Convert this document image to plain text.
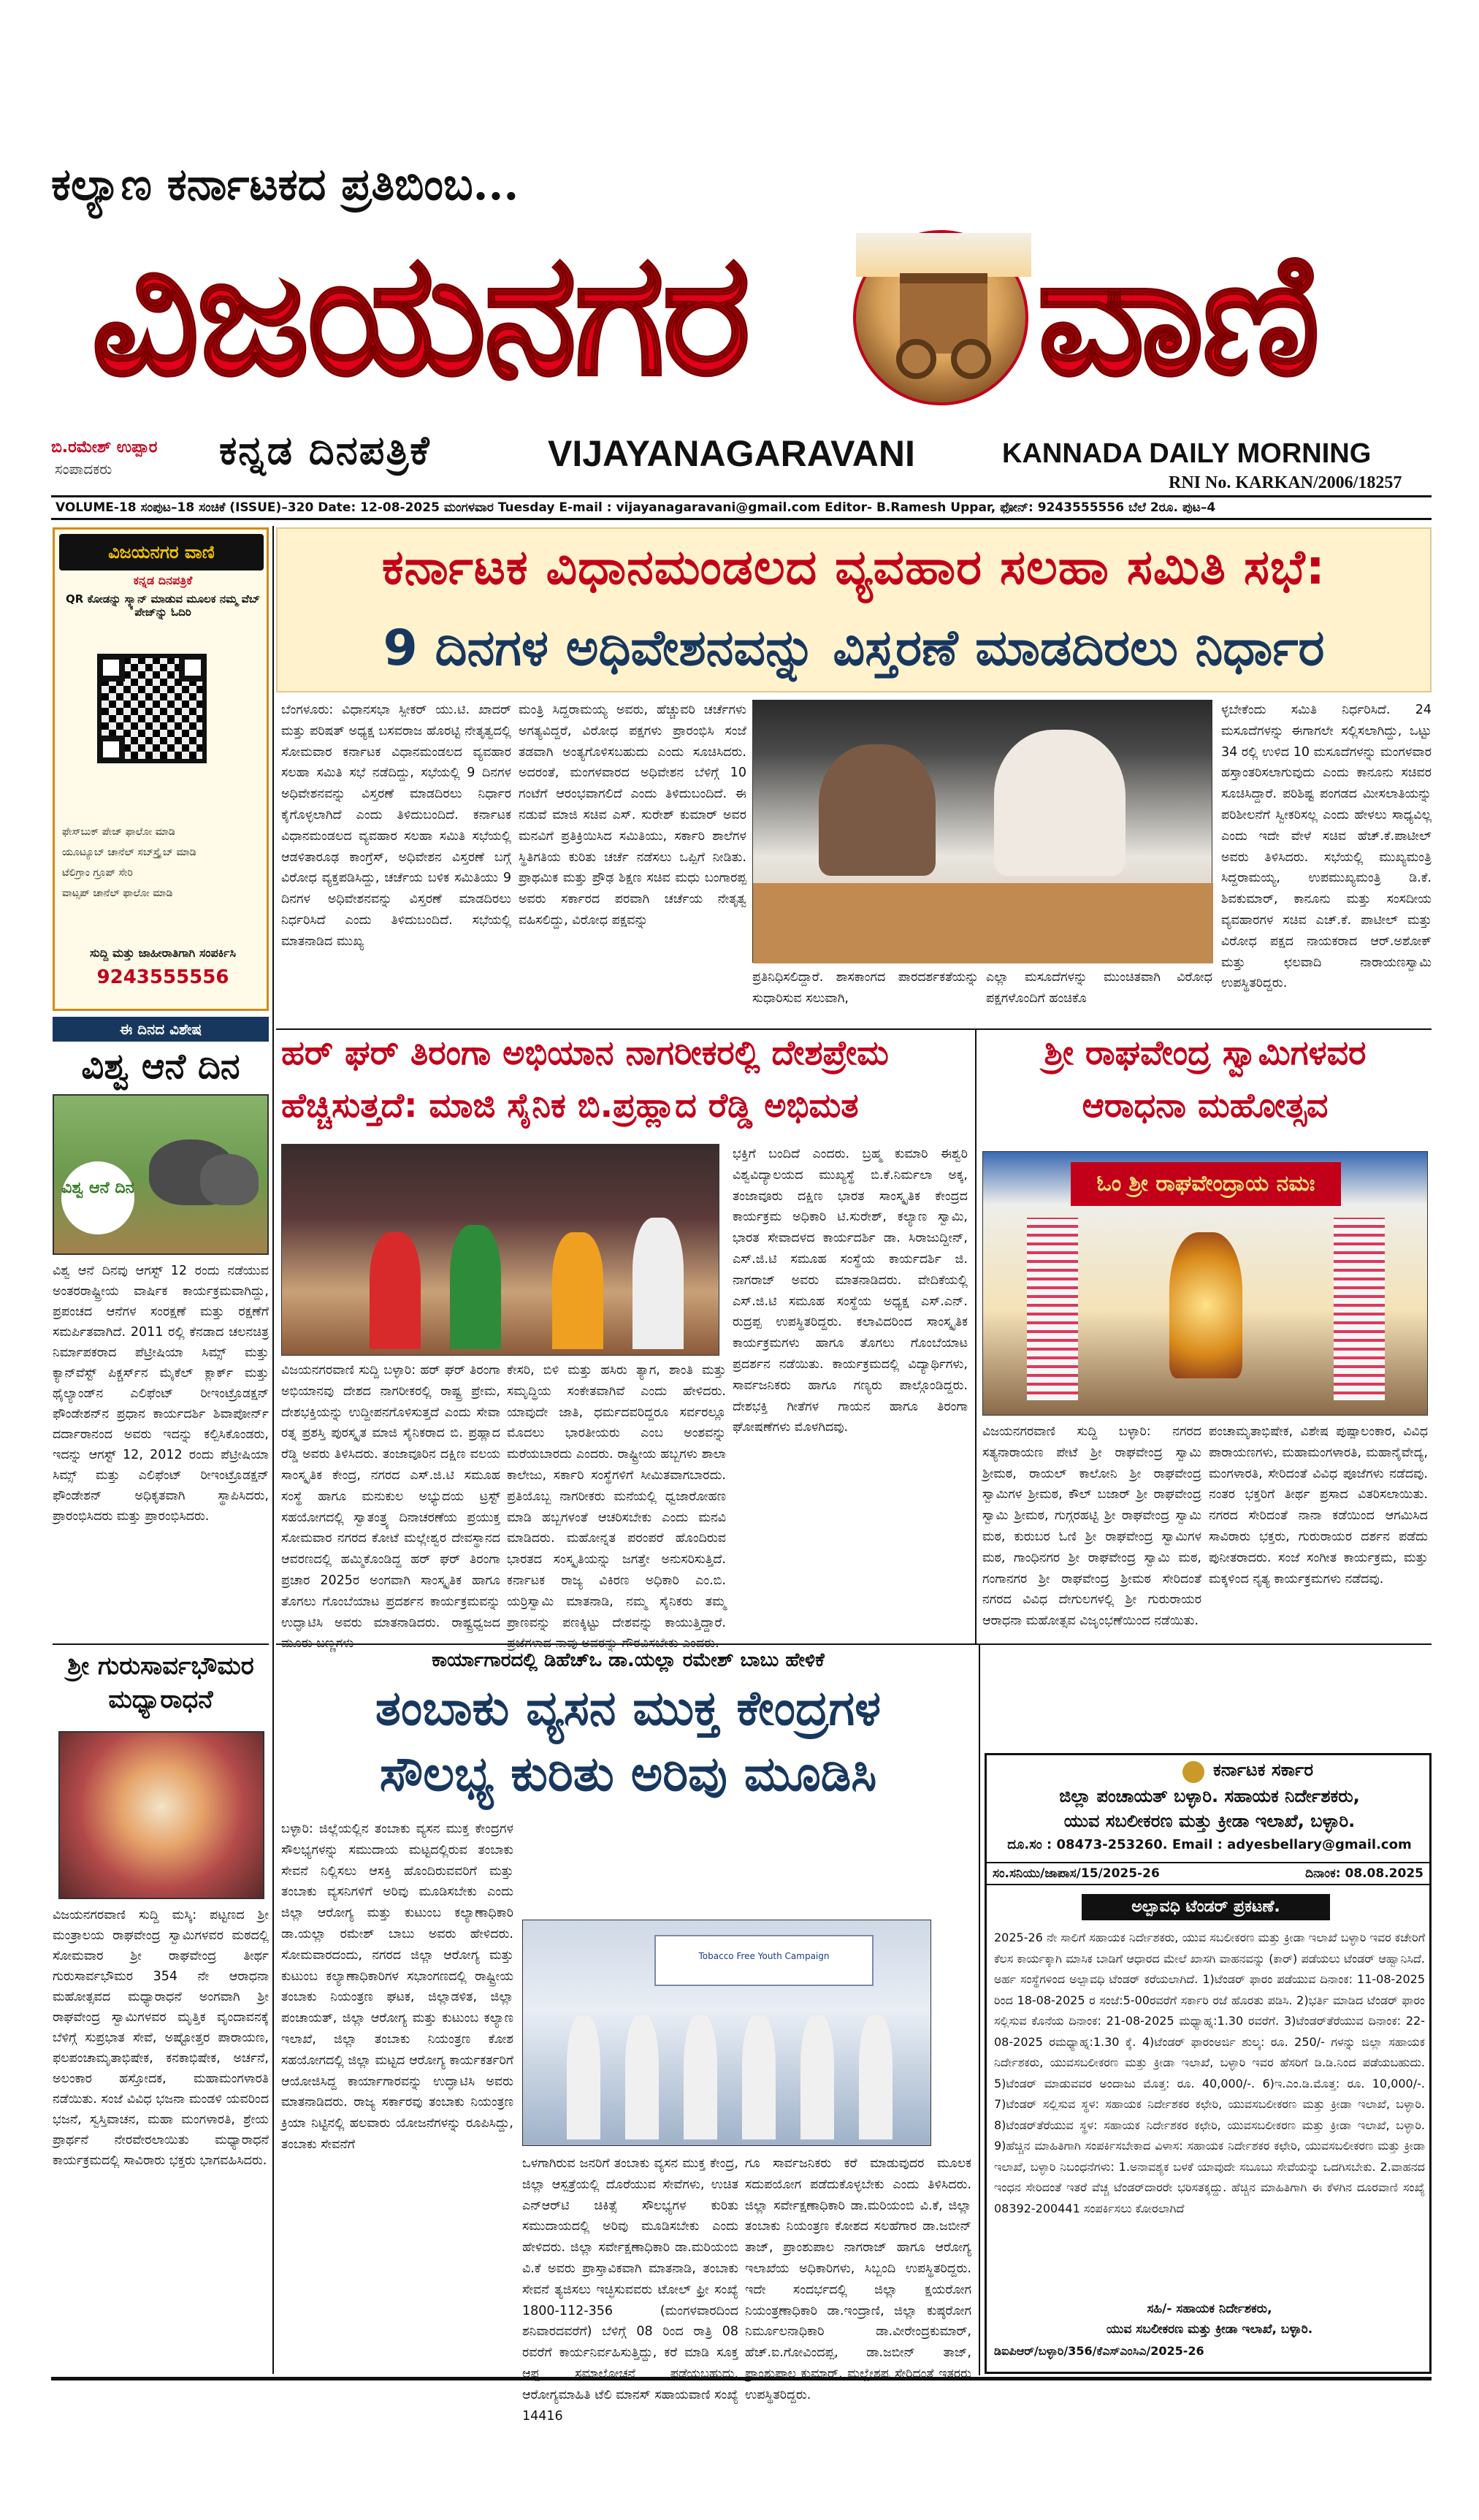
ಕಲ್ಯಾಣ ಕರ್ನಾಟಕದ ಪ್ರತಿಬಿಂಬ...
ವಿಜಯನಗರ ವಾಣಿ
ಬಿ.ರಮೇಶ್ ಉಪ್ಪಾರ
ಸಂಪಾದಕರು	ಕನ್ನಡ ದಿನಪತ್ರಿಕೆ	VIJAYANAGARAVANI	KANNADA DAILY MORNING
RNI No. KARKAN/2006/18257
VOLUME-18 ಸಂಪುಟ–18 ಸಂಚಿಕೆ (ISSUE)–320 Date: 12-08-2025 ಮಂಗಳವಾರ Tuesday E-mail : vijayanagaravani@gmail.com Editor- B.Ramesh Uppar, ಫೋನ್: 9243555556 ಬೆಲೆ 2ರೂ. ಪುಟ–4
ವಿಜಯನಗರ ವಾಣಿ
ಕನ್ನಡ ದಿನಪತ್ರಿಕೆ
QR ಕೋಡನ್ನು ಸ್ಕ್ಯಾನ್ ಮಾಡುವ ಮೂಲಕ ನಮ್ಮ ವೆಬ್ ಪೇಜ್‌ನ್ನು ಓದಿರಿ
ಫೇಸ್‌ಬುಕ್ ಪೇಜ್ ಫಾಲೋ ಮಾಡಿ
ಯೂಟ್ಯೂಬ್ ಚಾನೆಲ್ ಸಬ್‌ಸ್ಕ್ರೈಬ್ ಮಾಡಿ
ಟೆಲಿಗ್ರಾಂ ಗ್ರೂಪ್ ಸೇರಿ
ವಾಟ್ಸಪ್ ಚಾನೆಲ್ ಫಾಲೋ ಮಾಡಿ
ಸುದ್ದಿ ಮತ್ತು ಜಾಹೀರಾತಿಗಾಗಿ ಸಂಪರ್ಕಿಸಿ
9243555556
ಈ ದಿನದ ವಿಶೇಷ
ವಿಶ್ವ ಆನೆ ದಿನ
ವಿಶ್ವ ಆನೆ ದಿನ
ವಿಶ್ವ ಆನೆ ದಿನವು ಆಗಸ್ಟ್ 12 ರಂದು ನಡೆಯುವ ಅಂತರರಾಷ್ಟ್ರೀಯ ವಾರ್ಷಿಕ ಕಾರ್ಯಕ್ರಮವಾಗಿದ್ದು, ಪ್ರಪಂಚದ ಆನೆಗಳ ಸಂರಕ್ಷಣೆ ಮತ್ತು ರಕ್ಷಣೆಗೆ ಸಮರ್ಪಿತವಾಗಿದೆ. 2011 ರಲ್ಲಿ ಕೆನಡಾದ ಚಲನಚಿತ್ರ ನಿರ್ಮಾಪಕರಾದ ಪೆಟ್ರೀಷಿಯಾ ಸಿಮ್ಸ್ ಮತ್ತು ಕ್ಯಾನ್‌ವೆಸ್ಟ್ ಪಿಕ್ಚರ್ಸ್‌ನ ಮೈಕೆಲ್ ಕ್ಲಾರ್ಕ್ ಮತ್ತು ಥೈಲ್ಯಾಂಡ್‌ನ ಎಲಿಫೆಂಟ್ ರೀಇಂಟ್ರೊಡಕ್ಷನ್ ಫೌಂಡೇಶನ್‌ನ ಪ್ರಧಾನ ಕಾರ್ಯದರ್ಶಿ ಶಿವಾಪೋರ್ನ್ ದರ್ದಾರಾನಂದ ಅವರು ಇದನ್ನು ಕಲ್ಪಿಸಿಕೊಂಡರು, ಇದನ್ನು ಆಗಸ್ಟ್ 12, 2012 ರಂದು ಪೆಟ್ರೀಷಿಯಾ ಸಿಮ್ಸ್ ಮತ್ತು ಎಲಿಫೆಂಟ್ ರೀಇಂಟ್ರೊಡಕ್ಷನ್ ಫೌಂಡೇಶನ್ ಅಧಿಕೃತವಾಗಿ ಸ್ಥಾಪಿಸಿದರು, ಪ್ರಾರಂಭಿಸಿದರು ಮತ್ತು ಪ್ರಾರಂಭಿಸಿದರು.
ಶ್ರೀ ಗುರುಸಾರ್ವಭೌಮರ ಮಧ್ಯಾರಾಧನೆ
ವಿಜಯನಗರವಾಣಿ ಸುದ್ದಿ ಮಸ್ಕಿ: ಪಟ್ಟಣದ ಶ್ರೀ ಮಂತ್ರಾಲಯ ರಾಘವೇಂದ್ರ ಸ್ವಾಮಿಗಳವರ ಮಠದಲ್ಲಿ ಸೋಮವಾರ ಶ್ರೀ ರಾಘವೇಂದ್ರ ತೀರ್ಥ ಗುರುಸಾರ್ವಭೌಮರ 354 ನೇ ಆರಾಧನಾ ಮಹೋತ್ಸವದ ಮಧ್ಯಾರಾಧನೆ ಅಂಗವಾಗಿ ಶ್ರೀ ರಾಘವೇಂದ್ರ ಸ್ವಾಮಿಗಳವರ ಮೃತ್ತಿಕ ವೃಂದಾವನಕ್ಕೆ ಬೆಳಿಗ್ಗೆ ಸುಪ್ರಭಾತ ಸೇವೆ, ಅಷ್ಟೋತ್ತರ ಪಾರಾಯಣ, ಫಲಪಂಚಾಮೃತಾಭಿಷೇಕ, ಕನಕಾಭಿಷೇಕ, ಅರ್ಚನೆ, ಅಲಂಕಾರ ಹಸ್ತೋದಕ, ಮಹಾಮಂಗಳಾರತಿ ನಡೆಯಿತು. ಸಂಜೆ ವಿವಿಧ ಭಜನಾ ಮಂಡಳಿ ಯವರಿಂದ ಭಜನೆ, ಸ್ವಸ್ತಿವಾಚನ, ಮಹಾ ಮಂಗಳಾರತಿ, ಶ್ರೇಯ ಪ್ರಾರ್ಥನೆ ನೇರವೇರಲಾಯಿತು ಮಧ್ಯಾರಾಧನೆ ಕಾರ್ಯಕ್ರಮದಲ್ಲಿ ಸಾವಿರಾರು ಭಕ್ತರು ಭಾಗವಹಿಸಿದರು.
ಕರ್ನಾಟಕ ವಿಧಾನಮಂಡಲದ ವ್ಯವಹಾರ ಸಲಹಾ ಸಮಿತಿ ಸಭೆ:
9 ದಿನಗಳ ಅಧಿವೇಶನವನ್ನು ವಿಸ್ತರಣೆ ಮಾಡದಿರಲು ನಿರ್ಧಾರ
ಬೆಂಗಳೂರು: ವಿಧಾನಸಭಾ ಸ್ಪೀಕರ್ ಯು.ಟಿ. ಖಾದರ್ ಮತ್ತು ಪರಿಷತ್ ಅಧ್ಯಕ್ಷ ಬಸವರಾಜ ಹೊರಟ್ಟಿ ನೇತೃತ್ವದಲ್ಲಿ ಸೋಮವಾರ ಕರ್ನಾಟಕ ವಿಧಾನಮಂಡಲದ ವ್ಯವಹಾರ ಸಲಹಾ ಸಮಿತಿ ಸಭೆ ನಡೆದಿದ್ದು, ಸಭೆಯಲ್ಲಿ 9 ದಿನಗಳ ಅಧಿವೇಶನವನ್ನು ವಿಸ್ತರಣೆ ಮಾಡದಿರಲು ನಿರ್ಧಾರ ಕೈಗೊಳ್ಳಲಾಗಿದೆ ಎಂದು ತಿಳಿದುಬಂದಿದೆ. ಕರ್ನಾಟಕ ವಿಧಾನಮಂಡಲದ ವ್ಯವಹಾರ ಸಲಹಾ ಸಮಿತಿ ಸಭೆಯಲ್ಲಿ ಆಡಳಿತಾರೂಢ ಕಾಂಗ್ರೆಸ್, ಅಧಿವೇಶನ ವಿಸ್ತರಣೆ ಬಗ್ಗೆ ವಿರೋಧ ವ್ಯಕ್ತಪಡಿಸಿದ್ದು, ಚರ್ಚೆಯ ಬಳಿಕ ಸಮಿತಿಯು 9 ದಿನಗಳ ಅಧಿವೇಶನವನ್ನು ವಿಸ್ತರಣೆ ಮಾಡದಿರಲು ನಿರ್ಧರಿಸಿದೆ ಎಂದು ತಿಳಿದುಬಂದಿದೆ. ಸಭೆಯಲ್ಲಿ ಮಾತನಾಡಿದ ಮುಖ್ಯ
ಮಂತ್ರಿ ಸಿದ್ದರಾಮಯ್ಯ ಅವರು, ಹೆಚ್ಚುವರಿ ಚರ್ಚೆಗಳು ಅಗತ್ಯವಿದ್ದರೆ, ವಿರೋಧ ಪಕ್ಷಗಳು ಪ್ರಾರಂಭಿಸಿ ಸಂಜೆ ತಡವಾಗಿ ಅಂತ್ಯಗೊಳಿಸಬಹುದು ಎಂದು ಸೂಚಿಸಿದರು. ಅದರಂತೆ, ಮಂಗಳವಾರದ ಅಧಿವೇಶನ ಬೆಳಿಗ್ಗೆ 10 ಗಂಟೆಗೆ ಆರಂಭವಾಗಲಿದೆ ಎಂದು ತಿಳಿದುಬಂದಿದೆ. ಈ ನಡುವೆ ಮಾಜಿ ಸಚಿವ ಎಸ್. ಸುರೇಶ್ ಕುಮಾರ್ ಅವರ ಮನವಿಗೆ ಪ್ರತಿಕ್ರಿಯಿಸಿದ ಸಮಿತಿಯು, ಸರ್ಕಾರಿ ಶಾಲೆಗಳ ಸ್ಥಿತಿಗತಿಯ ಕುರಿತು ಚರ್ಚೆ ನಡೆಸಲು ಒಪ್ಪಿಗೆ ನೀಡಿತು. ಪ್ರಾಥಮಿಕ ಮತ್ತು ಪ್ರೌಢ ಶಿಕ್ಷಣ ಸಚಿವ ಮಧು ಬಂಗಾರಪ್ಪ ಅವರು ಸರ್ಕಾರದ ಪರವಾಗಿ ಚರ್ಚೆಯ ನೇತೃತ್ವ ವಹಿಸಲಿದ್ದು, ವಿರೋಧ ಪಕ್ಷವನ್ನು
ಪ್ರತಿನಿಧಿಸಲಿದ್ದಾರೆ. ಶಾಸಕಾಂಗದ ಪಾರದರ್ಶಕತೆಯನ್ನು ಸುಧಾರಿಸುವ ಸಲುವಾಗಿ,
ಎಲ್ಲಾ ಮಸೂದೆಗಳನ್ನು ಮುಂಚಿತವಾಗಿ ವಿರೋಧ ಪಕ್ಷಗಳೊಂದಿಗೆ ಹಂಚಿಕೊ
ಳ್ಳಬೇಕೆಂದು ಸಮಿತಿ ನಿರ್ಧರಿಸಿದೆ. 24 ಮಸೂದೆಗಳನ್ನು ಈಗಾಗಲೇ ಸಲ್ಲಿಸಲಾಗಿದ್ದು, ಒಟ್ಟು 34 ರಲ್ಲಿ ಉಳಿದ 10 ಮಸೂದೆಗಳನ್ನು ಮಂಗಳವಾರ ಹಸ್ತಾಂತರಿಸಲಾಗುವುದು ಎಂದು ಕಾನೂನು ಸಚಿವರ ಸೂಚಿಸಿದ್ದಾರೆ. ಪರಿಶಿಷ್ಟ ಪಂಗಡದ ಮೀಸಲಾತಿಯನ್ನು ಪರಿಶೀಲನೆಗೆ ಸ್ವೀಕರಿಸಲ್ಲ ಎಂದು ಹೇಳಲು ಸಾಧ್ಯವಿಲ್ಲ ಎಂದು ಇದೇ ವೇಳೆ ಸಚಿವ ಹೆಚ್.ಕೆ.ಪಾಟೀಲ್ ಅವರು ತಿಳಿಸಿದರು. ಸಭೆಯಲ್ಲಿ ಮುಖ್ಯಮಂತ್ರಿ ಸಿದ್ದರಾಮಯ್ಯ, ಉಪಮುಖ್ಯಮಂತ್ರಿ ಡಿ.ಕೆ. ಶಿವಕುಮಾರ್, ಕಾನೂನು ಮತ್ತು ಸಂಸದೀಯ ವ್ಯವಹಾರಗಳ ಸಚಿವ ಎಚ್.ಕೆ. ಪಾಟೀಲ್ ಮತ್ತು ವಿರೋಧ ಪಕ್ಷದ ನಾಯಕರಾದ ಆರ್.ಅಶೋಕ್ ಮತ್ತು ಛಲವಾದಿ ನಾರಾಯಣಸ್ವಾಮಿ ಉಪಸ್ಥಿತರಿದ್ದರು.
ಹರ್ ಘರ್ ತಿರಂಗಾ ಅಭಿಯಾನ ನಾಗರೀಕರಲ್ಲಿ ದೇಶಪ್ರೇಮ
ಹೆಚ್ಚಿಸುತ್ತದೆ: ಮಾಜಿ ಸೈನಿಕ ಬಿ.ಪ್ರಹ್ಲಾದ ರೆಡ್ಡಿ ಅಭಿಮತ
ವಿಜಯನಗರವಾಣಿ ಸುದ್ದಿ ಬಳ್ಳಾರಿ: ಹರ್ ಘರ್ ತಿರಂಗಾ ಅಭಿಯಾನವು ದೇಶದ ನಾಗರೀಕರಲ್ಲಿ ರಾಷ್ಟ್ರ ಪ್ರೇಮ, ದೇಶಭಕ್ತಿಯನ್ನು ಉದ್ದೀಪನಗೊಳಿಸುತ್ತದೆ ಎಂದು ಸೇವಾ ರತ್ನ ಪ್ರಶಸ್ತಿ ಪುರಸ್ಕೃತ ಮಾಜಿ ಸೈನಿಕರಾದ ಬಿ. ಪ್ರಹ್ಲಾದ ರೆಡ್ಡಿ ಅವರು ತಿಳಿಸಿದರು. ತಂಜಾವೂರಿನ ದಕ್ಷಿಣ ವಲಯ ಸಾಂಸ್ಕೃತಿಕ ಕೇಂದ್ರ, ನಗರದ ಎಸ್.ಜಿ.ಟಿ ಸಮೂಹ ಸಂಸ್ಥೆ ಹಾಗೂ ಮನುಕುಲ ಅಭ್ಯುದಯ ಟ್ರಸ್ಟ್ ಸಹಯೋಗದಲ್ಲಿ ಸ್ವಾತಂತ್ರ್ಯ ದಿನಾಚರಣೆಯ ಪ್ರಯುಕ್ತ ಸೋಮವಾರ ನಗರದ ಕೋಟೆ ಮಲ್ಲೇಶ್ವರ ದೇವಸ್ಥಾನದ ಆವರಣದಲ್ಲಿ ಹಮ್ಮಿಕೊಂಡಿದ್ದ ಹರ್ ಘರ್ ತಿರಂಗಾ ಪ್ರಚಾರ 2025ರ ಅಂಗವಾಗಿ ಸಾಂಸ್ಕೃತಿಕ ಹಾಗೂ ತೊಗಲು ಗೊಂಬೆಯಾಟ ಪ್ರದರ್ಶನ ಕಾರ್ಯಕ್ರಮವನ್ನು ಉದ್ಘಾಟಿಸಿ ಅವರು ಮಾತನಾಡಿದರು. ರಾಷ್ಟ್ರಧ್ವಜದ ಮೂರು ಬಣ್ಣಗಳು
ಕೇಸರಿ, ಬಿಳಿ ಮತ್ತು ಹಸಿರು ತ್ಯಾಗ, ಶಾಂತಿ ಮತ್ತು ಸಮೃದ್ಧಿಯ ಸಂಕೇತವಾಗಿವೆ ಎಂದು ಹೇಳಿದರು. ಯಾವುದೇ ಜಾತಿ, ಧರ್ಮದವರಿದ್ದರೂ ಸರ್ವರಲ್ಲೂ ಮೊದಲು ಭಾರತೀಯರು ಎಂಬ ಅಂಶವನ್ನು ಮರೆಯಬಾರದು ಎಂದರು. ರಾಷ್ಟ್ರೀಯ ಹಬ್ಬಗಳು ಶಾಲಾ ಕಾಲೇಜು, ಸರ್ಕಾರಿ ಸಂಸ್ಥೆಗಳಿಗೆ ಸೀಮಿತವಾಗಬಾರದು. ಪ್ರತಿಯೊಬ್ಬ ನಾಗರೀಕರು ಮನೆಯಲ್ಲಿ ಧ್ವಜಾರೋಹಣ ಮಾಡಿ ಹಬ್ಬಗಳಂತೆ ಆಚರಿಸಬೇಕು ಎಂದು ಮನವಿ ಮಾಡಿದರು. ಮಹೋನ್ನತ ಪರಂಪರೆ ಹೊಂದಿರುವ ಭಾರತದ ಸಂಸ್ಕೃತಿಯನ್ನು ಜಗತ್ತೇ ಅನುಸರಿಸುತ್ತಿದೆ. ಕರ್ನಾಟಕ ರಾಜ್ಯ ವಿಕಿರಣ ಅಧಿಕಾರಿ ಎಂ.ಬಿ. ಯರ್ರಿಸ್ವಾಮಿ ಮಾತನಾಡಿ, ನಮ್ಮ ಸೈನಿಕರು ತಮ್ಮ ಪ್ರಾಣವನ್ನು ಪಣಕ್ಕಿಟ್ಟು ದೇಶವನ್ನು ಕಾಯುತ್ತಿದ್ದಾರೆ. ಪ್ರಜೆಗಳಾದ ನಾವು ಅವರನ್ನು ಗೌರವಿಸಬೇಕು ಎಂದರು.
ಭಕ್ತಿಗೆ ಬಂದಿದೆ ಎಂದರು. ಬ್ರಹ್ಮ ಕುಮಾರಿ ಈಶ್ವರಿ ವಿಶ್ವವಿದ್ಯಾಲಯದ ಮುಖ್ಯಸ್ಥೆ ಬಿ.ಕೆ.ನಿರ್ಮಲಾ ಅಕ್ಕ, ತಂಜಾವೂರು ದಕ್ಷಿಣ ಭಾರತ ಸಾಂಸ್ಕೃತಿಕ ಕೇಂದ್ರದ ಕಾರ್ಯಕ್ರಮ ಅಧಿಕಾರಿ ಟಿ.ಸುರೇಶ್, ಕಲ್ಯಾಣ ಸ್ವಾಮಿ, ಭಾರತ ಸೇವಾದಳದ ಕಾರ್ಯದರ್ಶಿ ಡಾ. ಸಿರಾಜುದ್ದೀನ್, ಎಸ್.ಜಿ.ಟಿ ಸಮೂಹ ಸಂಸ್ಥೆಯ ಕಾರ್ಯದರ್ಶಿ ಜಿ. ನಾಗರಾಜ್ ಅವರು ಮಾತನಾಡಿದರು. ವೇದಿಕೆಯಲ್ಲಿ ಎಸ್.ಜಿ.ಟಿ ಸಮೂಹ ಸಂಸ್ಥೆಯ ಅಧ್ಯಕ್ಷ ಎಸ್.ಎನ್. ರುದ್ರಪ್ಪ ಉಪಸ್ಥಿತರಿದ್ದರು. ಕಲಾವಿದರಿಂದ ಸಾಂಸ್ಕೃತಿಕ ಕಾರ್ಯಕ್ರಮಗಳು ಹಾಗೂ ತೊಗಲು ಗೊಂಬೆಯಾಟ ಪ್ರದರ್ಶನ ನಡೆಯಿತು. ಕಾರ್ಯಕ್ರಮದಲ್ಲಿ ವಿದ್ಯಾರ್ಥಿಗಳು, ಸಾರ್ವಜನಿಕರು ಹಾಗೂ ಗಣ್ಯರು ಪಾಲ್ಗೊಂಡಿದ್ದರು. ದೇಶಭಕ್ತಿ ಗೀತೆಗಳ ಗಾಯನ ಹಾಗೂ ತಿರಂಗಾ ಘೋಷಣೆಗಳು ಮೊಳಗಿದವು.
ಶ್ರೀ ರಾಘವೇಂದ್ರ ಸ್ವಾಮಿಗಳವರ
ಆರಾಧನಾ ಮಹೋತ್ಸವ
ಓಂ ಶ್ರೀ ರಾಘವೇಂದ್ರಾಯ ನಮಃ
ವಿಜಯನಗರವಾಣಿ ಸುದ್ದಿ ಬಳ್ಳಾರಿ: ನಗರದ ಸತ್ಯನಾರಾಯಣ ಪೇಟೆ ಶ್ರೀ ರಾಘವೇಂದ್ರ ಸ್ವಾಮಿ ಶ್ರೀಮಠ, ರಾಯಲ್ ಕಾಲೋನಿ ಶ್ರೀ ರಾಘವೇಂದ್ರ ಸ್ವಾಮಿಗಳ ಶ್ರೀಮಠ, ಕೌಲ್ ಬಜಾರ್ ಶ್ರೀ ರಾಘವೇಂದ್ರ ಸ್ವಾಮಿ ಶ್ರೀಮಠ, ಗುಗ್ಗರಹಟ್ಟಿ ಶ್ರೀ ರಾಘವೇಂದ್ರ ಸ್ವಾಮಿ ಮಠ, ಕುರುಬರ ಓಣಿ ಶ್ರೀ ರಾಘವೇಂದ್ರ ಸ್ವಾಮಿಗಳ ಮಠ, ಗಾಂಧಿನಗರ ಶ್ರೀ ರಾಘವೇಂದ್ರ ಸ್ವಾಮಿ ಮಠ, ಗಂಗಾನಗರ ಶ್ರೀ ರಾಘವೇಂದ್ರ ಶ್ರೀಮಠ ಸೇರಿದಂತೆ ನಗರದ ವಿವಿಧ ದೇಗುಲಗಳಲ್ಲಿ ಶ್ರೀ ಗುರುರಾಯರ ಆರಾಧನಾ ಮಹೋತ್ಸವ ವಿಜೃಂಭಣೆಯಿಂದ ನಡೆಯಿತು.
ಪಂಚಾಮೃತಾಭಿಷೇಕ, ವಿಶೇಷ ಪುಷ್ಪಾಲಂಕಾರ, ವಿವಿಧ ಪಾರಾಯಣಗಳು, ಮಹಾಮಂಗಳಾರತಿ, ಮಹಾನೈವೇದ್ಯ, ಮಂಗಳಾರತಿ, ಸೇರಿದಂತೆ ವಿವಿಧ ಪೂಜೆಗಳು ನಡೆದವು. ನಂತರ ಭಕ್ತರಿಗೆ ತೀರ್ಥ ಪ್ರಸಾದ ವಿತರಿಸಲಾಯಿತು. ನಗರದ ಸೇರಿದಂತೆ ನಾನಾ ಕಡೆಯಿಂದ ಆಗಮಿಸಿದ ಸಾವಿರಾರು ಭಕ್ತರು, ಗುರುರಾಯರ ದರ್ಶನ ಪಡೆದು ಪುನೀತರಾದರು. ಸಂಜೆ ಸಂಗೀತ ಕಾರ್ಯಕ್ರಮ, ಮತ್ತು ಮಕ್ಕಳಿಂದ ನೃತ್ಯ ಕಾರ್ಯಕ್ರಮಗಳು ನಡೆದವು.
ಕಾರ್ಯಾಗಾರದಲ್ಲಿ ಡಿಹೆಚ್ಒ ಡಾ.ಯಲ್ಲಾ ರಮೇಶ್ ಬಾಬು ಹೇಳಿಕೆ
ತಂಬಾಕು ವ್ಯಸನ ಮುಕ್ತ ಕೇಂದ್ರಗಳ
ಸೌಲಭ್ಯ ಕುರಿತು ಅರಿವು ಮೂಡಿಸಿ
ಬಳ್ಳಾರಿ: ಜಿಲ್ಲೆಯಲ್ಲಿನ ತಂಬಾಕು ವ್ಯಸನ ಮುಕ್ತ ಕೇಂದ್ರಗಳ ಸೌಲಭ್ಯಗಳನ್ನು ಸಮುದಾಯ ಮಟ್ಟದಲ್ಲಿರುವ ತಂಬಾಕು ಸೇವನೆ ನಿಲ್ಲಿಸಲು ಆಸಕ್ತಿ ಹೊಂದಿರುವವರಿಗೆ ಮತ್ತು ತಂಬಾಕು ವ್ಯಸನಿಗಳಿಗೆ ಅರಿವು ಮೂಡಿಸಬೇಕು ಎಂದು ಜಿಲ್ಲಾ ಆರೋಗ್ಯ ಮತ್ತು ಕುಟುಂಬ ಕಲ್ಯಾಣಾಧಿಕಾರಿ ಡಾ.ಯಲ್ಲಾ ರಮೇಶ್ ಬಾಬು ಅವರು ಹೇಳಿದರು. ಸೋಮವಾರದಂದು, ನಗರದ ಜಿಲ್ಲಾ ಆರೋಗ್ಯ ಮತ್ತು ಕುಟುಂಬ ಕಲ್ಯಾಣಾಧಿಕಾರಿಗಳ ಸಭಾಂಗಣದಲ್ಲಿ ರಾಷ್ಟ್ರೀಯ ತಂಬಾಕು ನಿಯಂತ್ರಣ ಘಟಕ, ಜಿಲ್ಲಾಡಳಿತ, ಜಿಲ್ಲಾ ಪಂಚಾಯತ್, ಜಿಲ್ಲಾ ಆರೋಗ್ಯ ಮತ್ತು ಕುಟುಂಬ ಕಲ್ಯಾಣ ಇಲಾಖೆ, ಜಿಲ್ಲಾ ತಂಬಾಕು ನಿಯಂತ್ರಣ ಕೋಶ ಸಹಯೋಗದಲ್ಲಿ ಜಿಲ್ಲಾ ಮಟ್ಟದ ಆರೋಗ್ಯ ಕಾರ್ಯಕರ್ತರಿಗೆ ಆಯೋಜಿಸಿದ್ದ ಕಾರ್ಯಾಗಾರವನ್ನು ಉದ್ಘಾಟಿಸಿ ಅವರು ಮಾತನಾಡಿದರು. ರಾಜ್ಯ ಸರ್ಕಾರವು ತಂಬಾಕು ನಿಯಂತ್ರಣ ಕ್ರಿಯಾ ನಿಟ್ಟಿನಲ್ಲಿ ಹಲವಾರು ಯೋಜನೆಗಳನ್ನು ರೂಪಿಸಿದ್ದು, ತಂಬಾಕು ಸೇವನೆಗೆ
Tobacco Free Youth Campaign
ಒಳಗಾಗಿರುವ ಜನರಿಗೆ ತಂಬಾಕು ವ್ಯಸನ ಮುಕ್ತ ಕೇಂದ್ರ, ಜಿಲ್ಲಾ ಆಸ್ಪತ್ರೆಯಲ್ಲಿ ದೊರೆಯುವ ಸೇವೆಗಳು, ಉಚಿತ ಎನ್ಆರ್‌ಟಿ ಚಿಕಿತ್ಸೆ ಸೌಲಭ್ಯಗಳ ಕುರಿತು ಸಮುದಾಯದಲ್ಲಿ ಅರಿವು ಮೂಡಿಸಬೇಕು ಎಂದು ಹೇಳಿದರು. ಜಿಲ್ಲಾ ಸರ್ವೇಕ್ಷಣಾಧಿಕಾರಿ ಡಾ.ಮರಿಯಂಬಿ ವಿ.ಕೆ ಅವರು ಪ್ರಾಸ್ತಾವಿಕವಾಗಿ ಮಾತನಾಡಿ, ತಂಬಾಕು ಸೇವನೆ ತ್ಯಜಿಸಲು ಇಚ್ಛಿಸುವವರು ಟೋಲ್ ಫ್ರೀ ಸಂಖ್ಯೆ 1800-112-356 (ಮಂಗಳವಾರದಿಂದ ಶನಿವಾರದವರೆಗೆ) ಬೆಳಿಗ್ಗೆ 08 ರಿಂದ ರಾತ್ರಿ 08 ರವರೆಗೆ ಕಾರ್ಯನಿರ್ವಹಿಸುತ್ತಿದ್ದು, ಕರೆ ಮಾಡಿ ಸೂಕ್ತ ಆಪ್ತ ಸಮಾಲೋಚನೆ ಪಡೆಯಬಹುದು. ಆರೋಗ್ಯಮಾಹಿತಿ ಟೆಲಿ ಮಾನಸ್ ಸಹಾಯವಾಣಿ ಸಂಖ್ಯೆ 14416
ಗೂ ಸಾರ್ವಜನಿಕರು ಕರೆ ಮಾಡುವುದರ ಮೂಲಕ ಸದುಪಯೋಗ ಪಡೆದುಕೊಳ್ಳಬೇಕು ಎಂದು ತಿಳಿಸಿದರು. ಜಿಲ್ಲಾ ಸರ್ವೇಕ್ಷಣಾಧಿಕಾರಿ ಡಾ.ಮರಿಯಂಬಿ ವಿ.ಕೆ, ಜಿಲ್ಲಾ ತಂಬಾಕು ನಿಯಂತ್ರಣ ಕೋಶದ ಸಲಹೆಗಾರ ಡಾ.ಜಬೀನ್ ತಾಜ್, ಪ್ರಾಂಶುಪಾಲ ನಾಗರಾಜ್ ಹಾಗೂ ಆರೋಗ್ಯ ಇಲಾಖೆಯ ಅಧಿಕಾರಿಗಳು, ಸಿಬ್ಬಂದಿ ಉಪಸ್ಥಿತರಿದ್ದರು. ಇದೇ ಸಂದರ್ಭದಲ್ಲಿ ಜಿಲ್ಲಾ ಕ್ಷಯರೋಗ ನಿಯಂತ್ರಣಾಧಿಕಾರಿ ಡಾ.ಇಂದ್ರಾಣಿ, ಜಿಲ್ಲಾ ಕುಷ್ಠರೋಗ ನಿರ್ಮೂಲನಾಧಿಕಾರಿ ಡಾ.ವೀರೇಂದ್ರಕುಮಾರ್, ಹೆಚ್.ಐ.ಗೋವಿಂದಪ್ಪ, ಡಾ.ಜಬೀನ್ ತಾಜ್, ಪ್ರಾಂಶುಪಾಲ ಕುಮಾರ್, ಮಲ್ಲೇಶಪ್ಪ ಸೇರಿದಂತೆ ಇತರರು ಉಪಸ್ಥಿತರಿದ್ದರು.
ಕರ್ನಾಟಕ ಸರ್ಕಾರ
ಜಿಲ್ಲಾ ಪಂಚಾಯತ್ ಬಳ್ಳಾರಿ. ಸಹಾಯಕ ನಿರ್ದೇಶಕರು,
ಯುವ ಸಬಲೀಕರಣ ಮತ್ತು ಕ್ರೀಡಾ ಇಲಾಖೆ, ಬಳ್ಳಾರಿ.
ದೂ.ಸಂ : 08473-253260. Email : adyesbellary@gmail.com
ಸಂ.ಸನಿಯು/ಜಾಪಾಸ/15/2025-26	ದಿನಾಂಕ: 08.08.2025
ಅಲ್ಪಾವಧಿ ಟೆಂಡರ್ ಪ್ರಕಟಣೆ.
2025-26 ನೇ ಸಾಲಿಗೆ ಸಹಾಯಕ ನಿರ್ದೇಶಕರು, ಯುವ ಸಬಲೀಕರಣ ಮತ್ತು ಕ್ರೀಡಾ ಇಲಾಖೆ ಬಳ್ಳಾರಿ ಇವರ ಕಚೇರಿಗೆ ಕೆಲಸ ಕಾರ್ಯಕ್ಕಾಗಿ ಮಾಸಿಕ ಬಾಡಿಗೆ ಆಧಾರದ ಮೇಲೆ ಖಾಸಗಿ ವಾಹನವನ್ನು (ಕಾರ್) ಪಡೆಯಲು ಟೆಂಡರ್ ಆಹ್ವಾನಿಸಿದೆ. ಅರ್ಹ ಸಂಸ್ಥೆಗಳಿಂದ ಅಲ್ಪಾವಧಿ ಟೆಂಡರ್ ಕರೆಯಲಾಗಿದೆ. 1)ಟೆಂಡರ್ ಫಾರಂ ಪಡೆಯುವ ದಿನಾಂಕ: 11-08-2025 ರಿಂದ 18-08-2025 ರ ಸಂಜೆ:5-00ರವರೆಗೆ ಸರ್ಕಾರಿ ರಜೆ ಹೊರತು ಪಡಿಸಿ. 2)ಭರ್ತಿ ಮಾಡಿದ ಟೆಂಡರ್ ಫಾರಂ ಸಲ್ಲಿಸುವ ಕೊನೆಯ ದಿನಾಂಕ: 21-08-2025 ಮಧ್ಯಾಹ್ನ:1.30 ರವರೆಗೆ. 3)ಟೆಂಡರ್‌ತೆರೆಯುವ ದಿನಾಂಕ: 22-08-2025 ರಮಧ್ಯಾಹ್ನ:1.30 ಕ್ಕೆ. 4)ಟೆಂಡರ್ ಫಾರಂಅರ್ಜಿ ಶುಲ್ಕ: ರೂ. 250/- ಗಳನ್ನು ಜಿಲ್ಲಾ ಸಹಾಯಕ ನಿರ್ದೇಶಕರು, ಯುವಸಬಲೀಕರಣ ಮತ್ತು ಕ್ರೀಡಾ ಇಲಾಖೆ, ಬಳ್ಳಾರಿ ಇವರ ಹೆಸರಿಗೆ ಡಿ.ಡಿ.ನಿಂದ ಪಡೆಯಬಹುದು. 5)ಟೆಂಡರ್ ಮಾಡುವವರ ಅಂದಾಜು ಮೊತ್ತ: ರೂ. 40,000/-. 6)ಇ.ಎಂ.ಡಿ.ಮೊತ್ತ: ರೂ. 10,000/-. 7)ಟೆಂಡರ್ ಸಲ್ಲಿಸುವ ಸ್ಥಳ: ಸಹಾಯಕ ನಿರ್ದೇಶಕರ ಕಛೇರಿ, ಯುವಸಬಲೀಕರಣ ಮತ್ತು ಕ್ರೀಡಾ ಇಲಾಖೆ, ಬಳ್ಳಾರಿ. 8)ಟೆಂಡರ್‌ತೆರೆಯುವ ಸ್ಥಳ: ಸಹಾಯಕ ನಿರ್ದೇಶಕರ ಕಛೇರಿ, ಯುವಸಬಲೀಕರಣ ಮತ್ತು ಕ್ರೀಡಾ ಇಲಾಖೆ, ಬಳ್ಳಾರಿ. 9)ಹೆಚ್ಚಿನ ಮಾಹಿತಿಗಾಗಿ ಸಂಪರ್ಕಿಸಬೇಕಾದ ವಿಳಾಸ: ಸಹಾಯಕ ನಿರ್ದೇಶಕರ ಕಛೇರಿ, ಯುವಸಬಲೀಕರಣ ಮತ್ತು ಕ್ರೀಡಾ ಇಲಾಖೆ, ಬಳ್ಳಾರಿ ನಿಬಂಧನೆಗಳು: 1.ಅನಾವಶ್ಯಕ ಬಳಕೆ ಯಾವುದೇ ಸಬೂಬು ಸೇವೆಯನ್ನು ಒದಗಿಸಬೇಕು. 2.ವಾಹನದ ಇಂಧನ ಸೇರಿದಂತೆ ಇತರೆ ವೆಚ್ಚ ಟೆಂಡರ್‌ದಾರರೇ ಭರಿಸತಕ್ಕದ್ದು. ಹೆಚ್ಚಿನ ಮಾಹಿತಿಗಾಗಿ ಈ ಕೆಳಗಿನ ದೂರವಾಣಿ ಸಂಖ್ಯೆ 08392-200441 ಸಂಪರ್ಕಿಸಲು ಕೋರಲಾಗಿದೆ
ಸಹಿ/- ಸಹಾಯಕ ನಿರ್ದೇಶಕರು,
ಯುವ ಸಬಲೀಕರಣ ಮತ್ತು ಕ್ರೀಡಾ ಇಲಾಖೆ, ಬಳ್ಳಾರಿ.
ಡಿಐಪಿಆರ್/ಬಳ್ಳಾರಿ/356/ಕೆಎಸ್‌ಎಂಸಿಎ/2025-26
